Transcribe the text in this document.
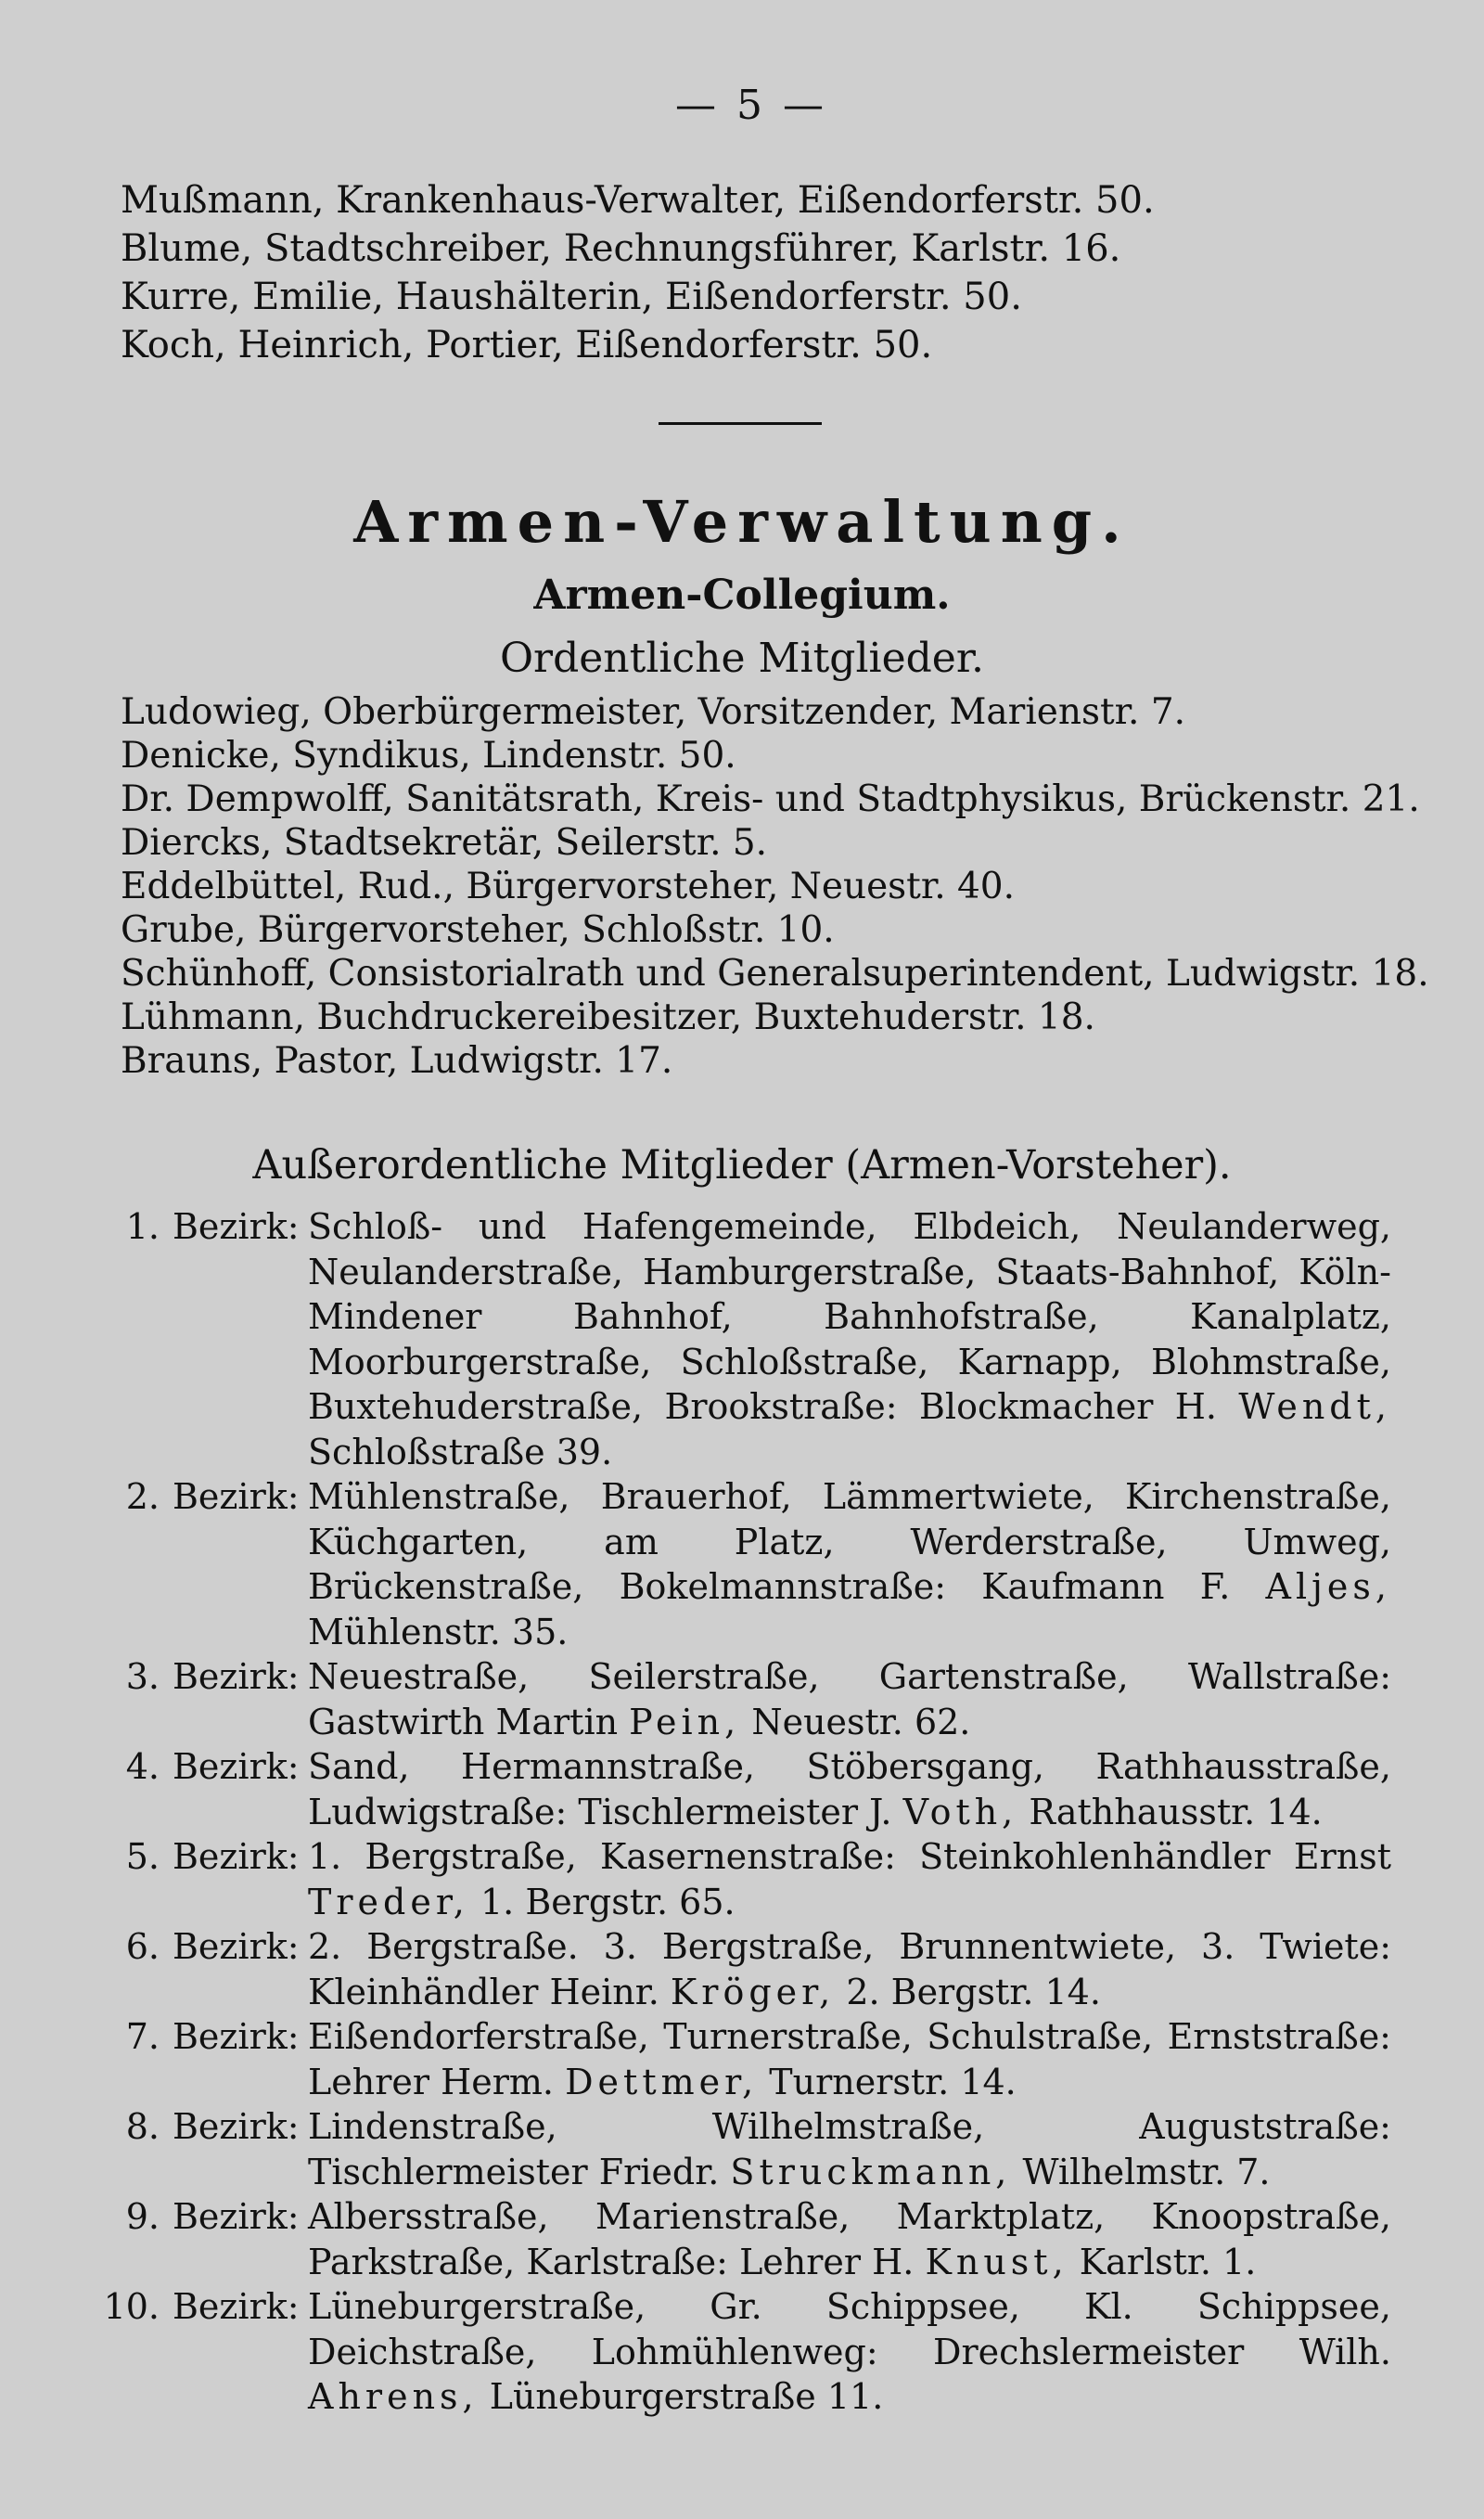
— 5 —
Mußmann, Krankenhaus-Verwalter, Eißendorferstr. 50.
Blume, Stadtschreiber, Rechnungsführer, Karlstr. 16.
Kurre, Emilie, Haushälterin, Eißendorferstr. 50.
Koch, Heinrich, Portier, Eißendorferstr. 50.
Armen-Verwaltung.
Armen-Collegium.
Ordentliche Mitglieder.
Ludowieg, Oberbürgermeister, Vorsitzender, Marienstr. 7.
Denicke, Syndikus, Lindenstr. 50.
Dr. Dempwolff, Sanitätsrath, Kreis- und Stadtphysikus, Brückenstr. 21.
Diercks, Stadtsekretär, Seilerstr. 5.
Eddelbüttel, Rud., Bürgervorsteher, Neuestr. 40.
Grube, Bürgervorsteher, Schloßstr. 10.
Schünhoff, Consistorialrath und Generalsuperintendent, Ludwigstr. 18.
Lühmann, Buchdruckereibesitzer, Buxtehuderstr. 18.
Brauns, Pastor, Ludwigstr. 17.
Außerordentliche Mitglieder (Armen-Vorsteher).
1. Bezirk: Schloß- und Hafengemeinde, Elbdeich, Neulanderweg, Neulanderstraße, Hamburgerstraße, Staats-Bahnhof, Köln-Mindener Bahnhof, Bahnhofstraße, Kanalplatz, Moorburgerstraße, Schloßstraße, Karnapp, Blohmstraße, Buxtehuderstraße, Brookstraße: Blockmacher H. Wendt, Schloßstraße 39.
2. Bezirk: Mühlenstraße, Brauerhof, Lämmertwiete, Kirchenstraße, Küchgarten, am Platz, Werderstraße, Umweg, Brückenstraße, Bokelmannstraße: Kaufmann F. Aljes, Mühlenstr. 35.
3. Bezirk: Neuestraße, Seilerstraße, Gartenstraße, Wallstraße: Gastwirth Martin Pein, Neuestr. 62.
4. Bezirk: Sand, Hermannstraße, Stöbersgang, Rathhausstraße, Ludwigstraße: Tischlermeister J. Voth, Rathhausstr. 14.
5. Bezirk: 1. Bergstraße, Kasernenstraße: Steinkohlenhändler Ernst Treder, 1. Bergstr. 65.
6. Bezirk: 2. Bergstraße. 3. Bergstraße, Brunnentwiete, 3. Twiete: Kleinhändler Heinr. Kröger, 2. Bergstr. 14.
7. Bezirk: Eißendorferstraße, Turnerstraße, Schulstraße, Ernststraße: Lehrer Herm. Dettmer, Turnerstr. 14.
8. Bezirk: Lindenstraße, Wilhelmstraße, Auguststraße: Tischlermeister Friedr. Struckmann, Wilhelmstr. 7.
9. Bezirk: Albersstraße, Marienstraße, Marktplatz, Knoopstraße, Parkstraße, Karlstraße: Lehrer H. Knust, Karlstr. 1.
10. Bezirk: Lüneburgerstraße, Gr. Schippsee, Kl. Schippsee, Deichstraße, Lohmühlenweg: Drechslermeister Wilh. Ahrens, Lüneburgerstraße 11.
